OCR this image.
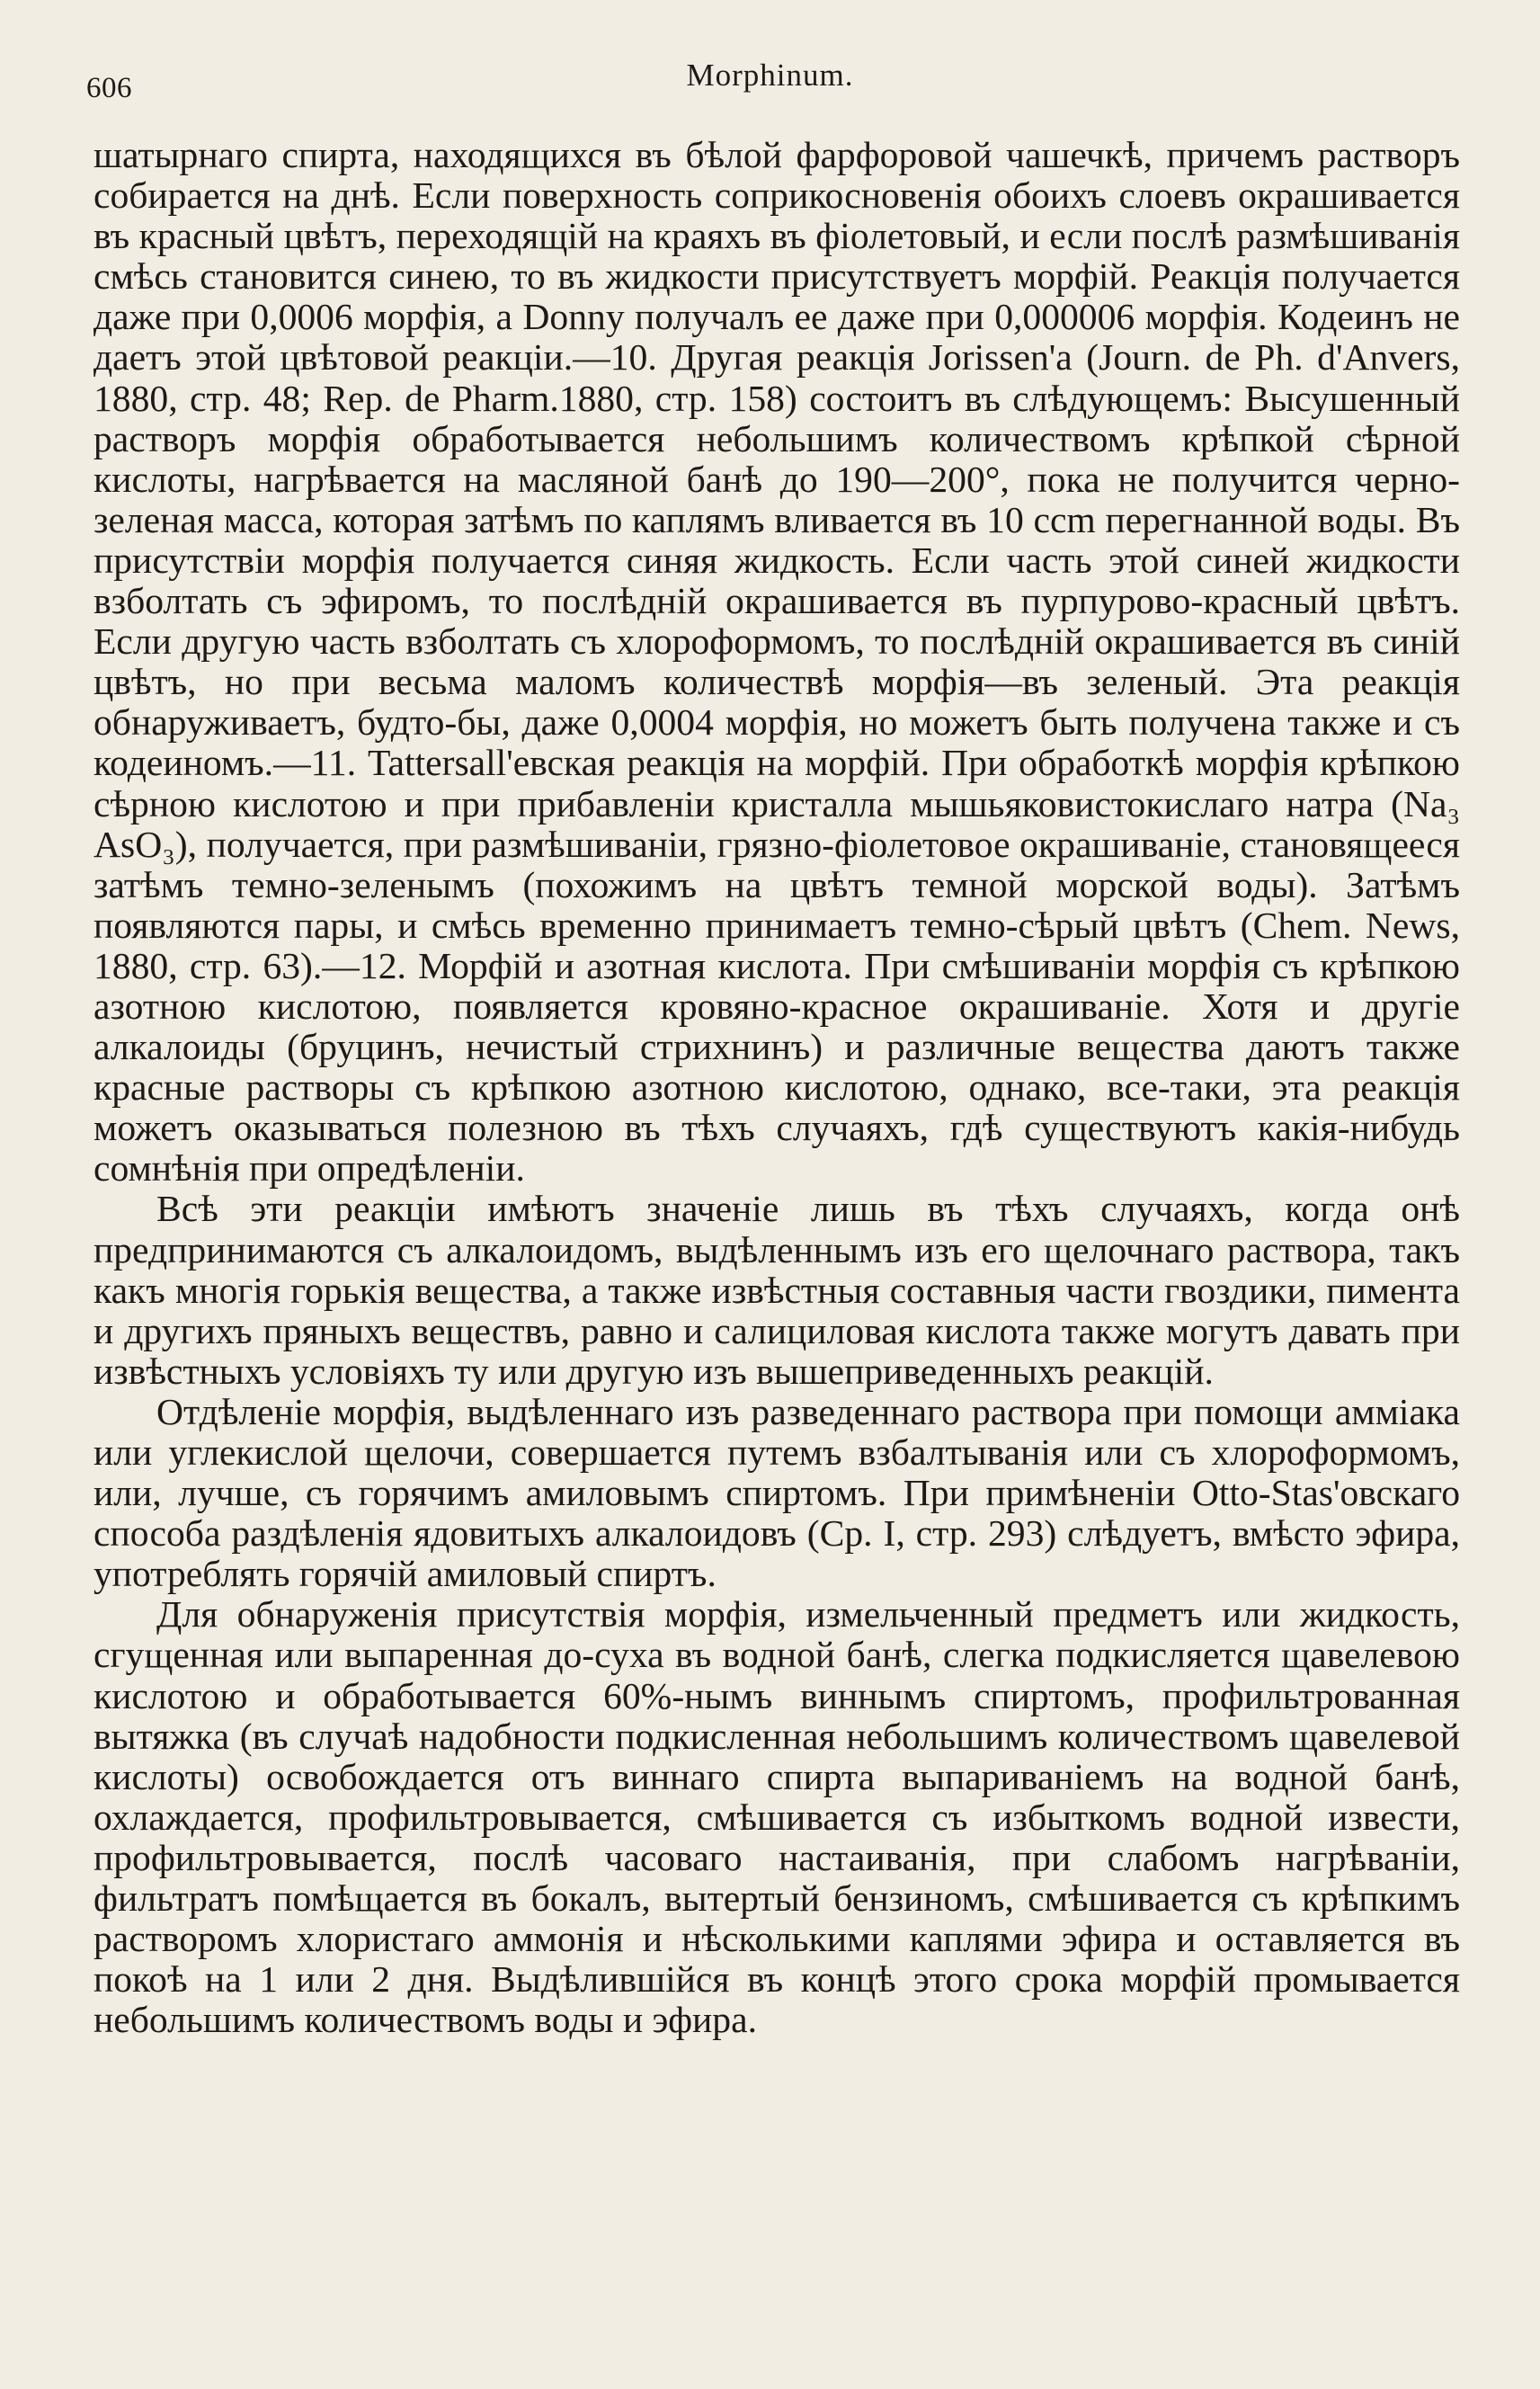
606	Morphinum.

шатырнаго спирта, находящихся въ бѣлой фарфоровой чашечкѣ, причемъ растворъ собирается на днѣ. Если поверхность соприкосновенія обоихъ слоевъ окрашивается въ красный цвѣтъ, переходящій на краяхъ въ фіолетовый, и если послѣ размѣшиванія смѣсь становится синею, то въ жидкости присутствуетъ морфій. Реакція получается даже при 0,0006 морфія, a Donny получалъ ее даже при 0,000006 морфія. Кодеинъ не даетъ этой цвѣтовой реакціи.—10. Другая реакція Jorissen'a (Journ. de Ph. d'Anvers, 1880, стр. 48; Rep. de Pharm.1880, стр. 158) состоитъ въ слѣдующемъ: Высушенный растворъ морфія обработывается небольшимъ количествомъ крѣпкой сѣрной кислоты, нагрѣвается на масляной банѣ до 190—200°, пока не получится черно-зеленая масса, которая затѣмъ по каплямъ вливается въ 10 ccm перегнанной воды. Въ присутствіи морфія получается синяя жидкость. Если часть этой синей жидкости взболтать съ эфиромъ, то послѣдній окрашивается въ пурпурово-красный цвѣтъ. Если другую часть взболтать съ хлороформомъ, то послѣдній окрашивается въ синій цвѣтъ, но при весьма маломъ количествѣ морфія—въ зеленый. Эта реакція обнаруживаетъ, будто-бы, даже 0,0004 морфія, но можетъ быть получена также и съ кодеиномъ.—11. Tattersall'евская реакція на морфій. При обработкѣ морфія крѣпкою сѣрною кислотою и при прибавленіи кристалла мышьяковистокислаго натра (Na₃ AsO₃), получается, при размѣшиваніи, грязно-фіолетовое окрашиваніе, становящееся затѣмъ темно-зеленымъ (похожимъ на цвѣтъ темной морской воды). Затѣмъ появляются пары, и смѣсь временно принимаетъ темно-сѣрый цвѣтъ (Chem. News, 1880, стр. 63).—12. Морфій и азотная кислота. При смѣшиваніи морфія съ крѣпкою азотною кислотою, появляется кровяно-красное окрашиваніе. Хотя и другіе алкалоиды (бруцинъ, нечистый стрихнинъ) и различные вещества даютъ также красные растворы съ крѣпкою азотною кислотою, однако, все-таки, эта реакція можетъ оказываться полезною въ тѣхъ случаяхъ, гдѣ существуютъ какія-нибудь сомнѣнія при опредѣленіи.

Всѣ эти реакціи имѣютъ значеніе лишь въ тѣхъ случаяхъ, когда онѣ предпринимаются съ алкалоидомъ, выдѣленнымъ изъ его щелочнаго раствора, такъ какъ многія горькія вещества, а также извѣстныя составныя части гвоздики, пимента и другихъ пряныхъ веществъ, равно и салициловая кислота также могутъ давать при извѣстныхъ условіяхъ ту или другую изъ вышеприведенныхъ реакцій.

Отдѣленіе морфія, выдѣленнаго изъ разведеннаго раствора при помощи амміака или углекислой щелочи, совершается путемъ взбалтыванія или съ хлороформомъ, или, лучше, съ горячимъ амиловымъ спиртомъ. При примѣненіи Otto-Stas'овскаго способа раздѣленія ядовитыхъ алкалоидовъ (Ср. I, стр. 293) слѣдуетъ, вмѣсто эфира, употреблять горячій амиловый спиртъ.

Для обнаруженія присутствія морфія, измельченный предметъ или жидкость, сгущенная или выпаренная до-суха въ водной банѣ, слегка подкисляется щавелевою кислотою и обработывается 60%-нымъ виннымъ спиртомъ, профильтрованная вытяжка (въ случаѣ надобности подкисленная небольшимъ количествомъ щавелевой кислоты) освобождается отъ виннаго спирта выпариваніемъ на водной банѣ, охлаждается, профильтровывается, смѣшивается съ избыткомъ водной извести, профильтровывается, послѣ часоваго настаиванія, при слабомъ нагрѣваніи, фильтратъ помѣщается въ бокалъ, вытертый бензиномъ, смѣшивается съ крѣпкимъ растворомъ хлористаго аммонія и нѣсколькими каплями эфира и оставляется въ покоѣ на 1 или 2 дня. Выдѣлившійся въ концѣ этого срока морфій промывается небольшимъ количествомъ воды и эфира.
